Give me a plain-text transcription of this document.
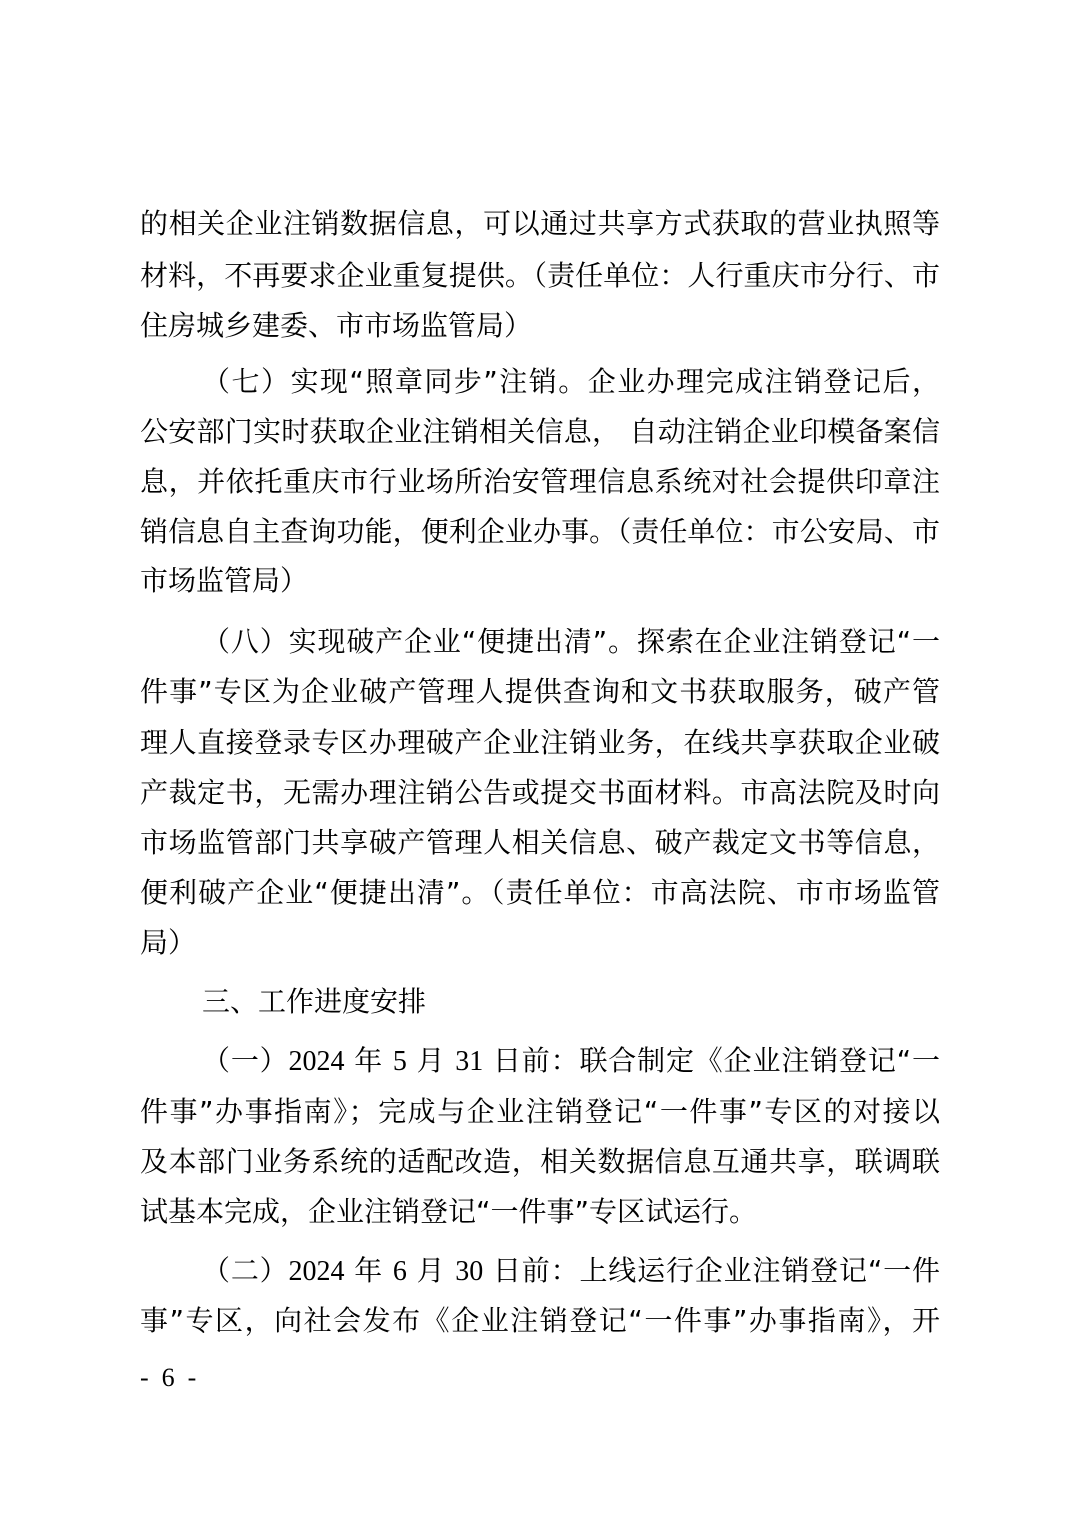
的相关企业注销数据信息，可以通过共享方式获取的营业执照等
材料，不再要求企业重复提供。（责任单位：人行重庆市分行、市
住房城乡建委、市市场监管局）
（七）实现“照章同步”注销。企业办理完成注销登记后，
公安部门实时获取企业注销相关信息， 自动注销企业印模备案信
息，并依托重庆市行业场所治安管理信息系统对社会提供印章注
销信息自主查询功能，便利企业办事。（责任单位：市公安局、市
市场监管局）
（八）实现破产企业“便捷出清”。探索在企业注销登记“一
件事”专区为企业破产管理人提供查询和文书获取服务，破产管
理人直接登录专区办理破产企业注销业务，在线共享获取企业破
产裁定书，无需办理注销公告或提交书面材料。市高法院及时向
市场监管部门共享破产管理人相关信息、破产裁定文书等信息，
便利破产企业“便捷出清”。（责任单位：市高法院、市市场监管
局）
三、工作进度安排
（一）2024 年 5 月 31 日前：联合制定《企业注销登记“一
件事”办事指南》；完成与企业注销登记“一件事”专区的对接以
及本部门业务系统的适配改造，相关数据信息互通共享，联调联
试基本完成，企业注销登记“一件事”专区试运行。
（二）2024 年 6 月 30 日前：上线运行企业注销登记“一件
事”专区，向社会发布《企业注销登记“一件事”办事指南》，开
-  6  -
